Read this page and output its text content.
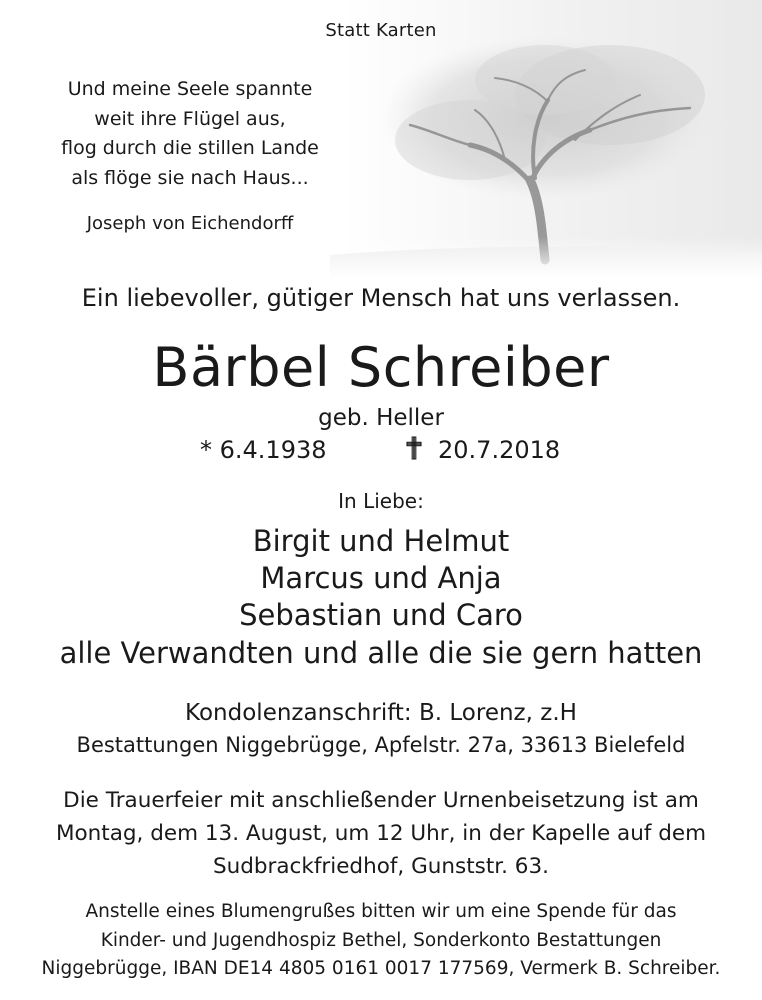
Statt Karten
Und meine Seele spannte
weit ihre Flügel aus,
flog durch die stillen Lande
als flöge sie nach Haus...
Joseph von Eichendorff
Ein liebevoller, gütiger Mensch hat uns verlassen.
Bärbel Schreiber
geb. Heller
* 6.4.1938	20.7.2018
In Liebe:
Birgit und Helmut
Marcus und Anja
Sebastian und Caro
alle Verwandten und alle die sie gern hatten
Kondolenzanschrift: B. Lorenz, z.H
Bestattungen Niggebrügge, Apfelstr. 27a, 33613 Bielefeld
Die Trauerfeier mit anschließender Urnenbeisetzung ist am
Montag, dem 13. August, um 12 Uhr, in der Kapelle auf dem
Sudbrackfriedhof, Gunststr. 63.
Anstelle eines Blumengrußes bitten wir um eine Spende für das
Kinder- und Jugendhospiz Bethel, Sonderkonto Bestattungen
Niggebrügge, IBAN DE14 4805 0161 0017 177569, Vermerk B. Schreiber.
